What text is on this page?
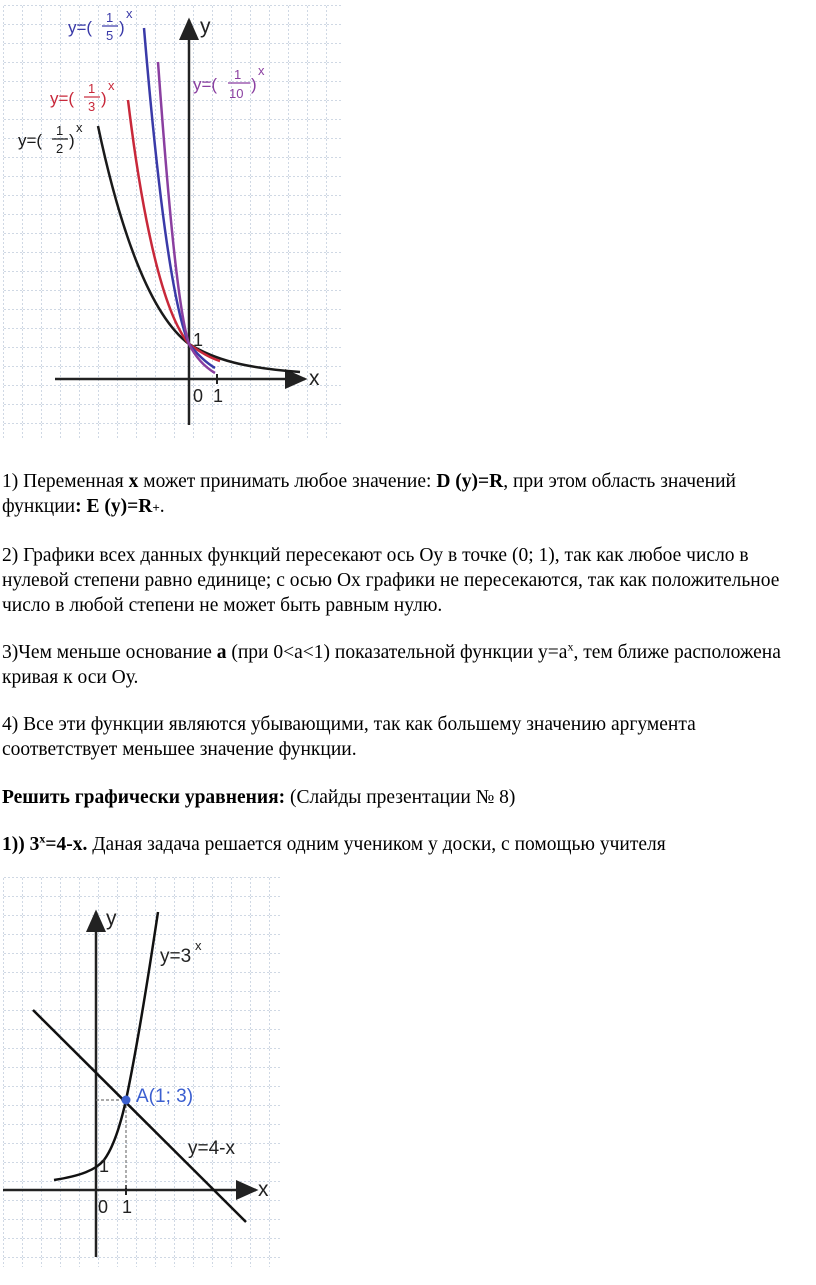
y
x
0 1
1
y=(
1
5 )
x
y=(
1
10 )
x
y=(
1
3 )
x
y=(
1
2 )
x

1) Переменная x может принимать любое значение: D (y)=R, при этом область значений функции: E (y)=R+.

2) Графики всех данных функций пересекают ось Оу в точке (0; 1), так как любое число в нулевой степени равно единице; с осью Ох графики не пересекаются, так как положительное число в любой степени не может быть равным нулю.

3)Чем меньше основание а (при 0<a<1) показательной функции $y=a^x$, тем ближе расположена кривая к оси Оу.

4) Все эти функции являются убывающими, так как большему значению аргумента соответствует меньшее значение функции.

Решить графически уравнения: (Слайды презентации № 8)

1)) $3^x=4-x$. Даная задача решается одним учеником у доски, с помощью учителя

y
x
0 1
1
y=3
x
y=4-x
A(1; 3)
